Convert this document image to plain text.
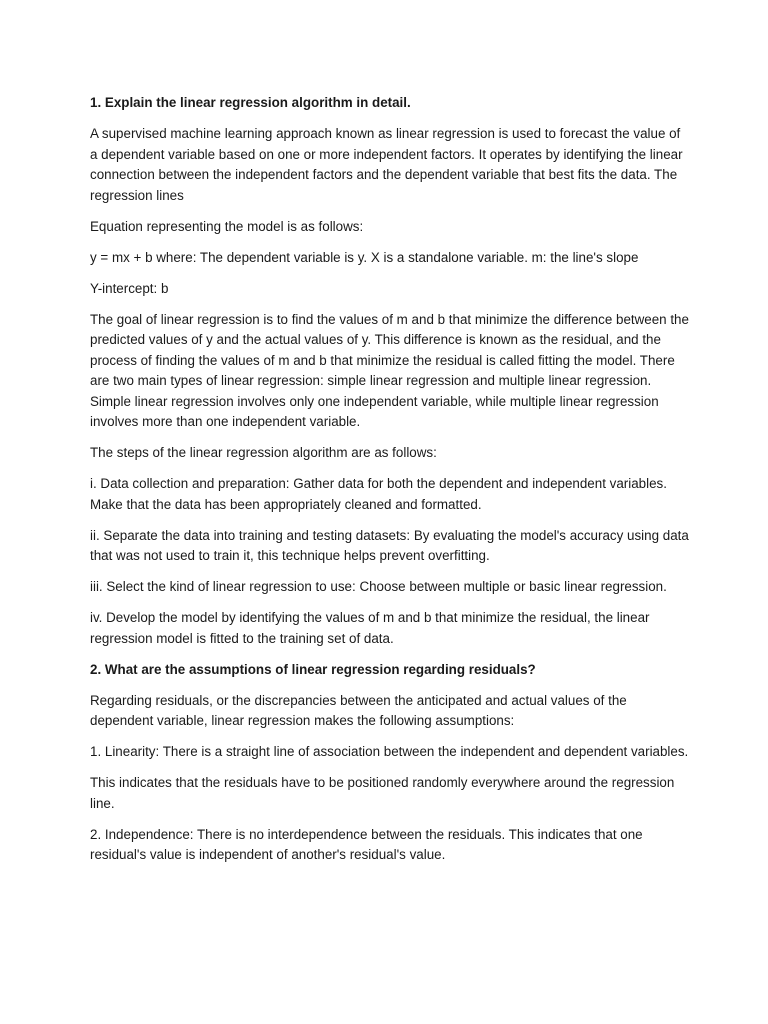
1. Explain the linear regression algorithm in detail.

A supervised machine learning approach known as linear regression is used to forecast the value of a dependent variable based on one or more independent factors. It operates by identifying the linear connection between the independent factors and the dependent variable that best fits the data. The regression lines

Equation representing the model is as follows:

y = mx + b where: The dependent variable is y. X is a standalone variable. m: the line's slope

Y-intercept: b

The goal of linear regression is to find the values of m and b that minimize the difference between the predicted values of y and the actual values of y. This difference is known as the residual, and the process of finding the values of m and b that minimize the residual is called fitting the model. There are two main types of linear regression: simple linear regression and multiple linear regression. Simple linear regression involves only one independent variable, while multiple linear regression involves more than one independent variable.

The steps of the linear regression algorithm are as follows:

i. Data collection and preparation: Gather data for both the dependent and independent variables. Make that the data has been appropriately cleaned and formatted.

ii. Separate the data into training and testing datasets: By evaluating the model's accuracy using data that was not used to train it, this technique helps prevent overfitting.

iii. Select the kind of linear regression to use: Choose between multiple or basic linear regression.

iv. Develop the model by identifying the values of m and b that minimize the residual, the linear regression model is fitted to the training set of data.

2. What are the assumptions of linear regression regarding residuals?

Regarding residuals, or the discrepancies between the anticipated and actual values of the dependent variable, linear regression makes the following assumptions:

1. Linearity: There is a straight line of association between the independent and dependent variables.

This indicates that the residuals have to be positioned randomly everywhere around the regression line.

2. Independence: There is no interdependence between the residuals. This indicates that one residual's value is independent of another's residual's value.
